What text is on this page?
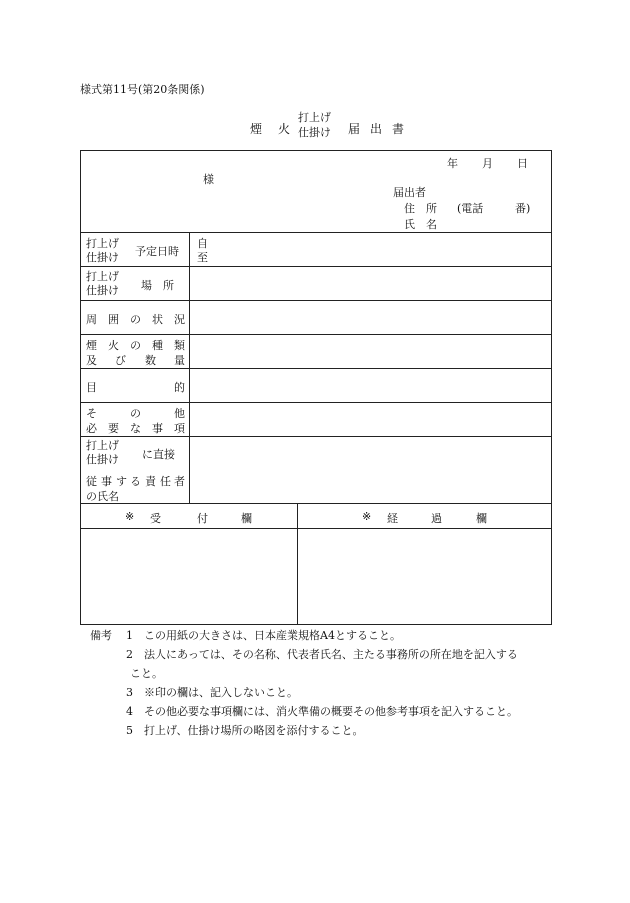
様式第11号(第20条関係)
煙 火
打上げ
仕掛け 届 出 書
年 月 日
様
届出者
住 所 (電話	番)
氏 名
打上げ
仕掛け 予定日時
自
至
打上げ
仕掛け 場 所
周 囲 の 状 況
煙 火 の 種 類
及 び 数 量
目	的
そ	の	他
必 要 な 事 項
打上げ
仕掛け に直接
従 事 す る 責 任 者
の氏名
※ 受	付	欄	※ 経	過	欄
備考 1 この用紙の大きさは、日本産業規格A4とすること。
2 法人にあっては、その名称、代表者氏名、主たる事務所の所在地を記入する
こと。
3 ※印の欄は、記入しないこと。
4 その他必要な事項欄には、消火準備の概要その他参考事項を記入すること。
5 打上げ、仕掛け場所の略図を添付すること。
